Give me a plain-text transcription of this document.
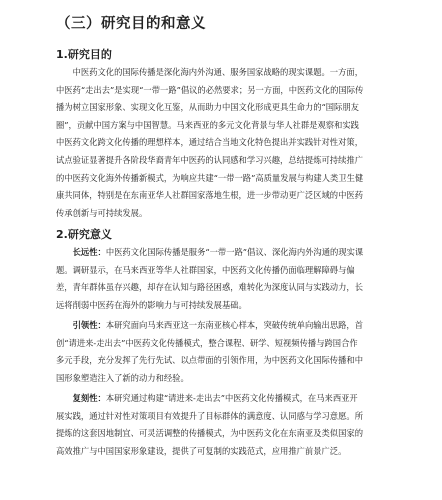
（三）研究目的和意义
1.研究目的
　　中医药文化的国际传播是深化海内外沟通、服务国家战略的现实课题。一方面，
中医药“走出去”是实现“一带一路”倡议的必然要求；另一方面，中医药文化的国际传
播为树立国家形象、实现文化互鉴，从而助力中国文化形成更具生命力的“国际朋友
圈”，贡献中国方案与中国智慧。马来西亚的多元文化背景与华人社群是观察和实践
中医药文化跨文化传播的理想样本，通过结合当地文化特色提出并实践针对性对策，
试点验证显著提升各阶段华裔青年中医药的认同感和学习兴趣，总结提炼可持续推广
的中医药文化海外传播新模式，为响应共建“一带一路”高质量发展与构建人类卫生健
康共同体，特别是在东南亚华人社群国家落地生根，进一步带动更广泛区域的中医药
传承创新与可持续发展。
2.研究意义
　　长远性：中医药文化国际传播是服务“一带一路”倡议、深化海内外沟通的现实课
题。调研显示，在马来西亚等华人社群国家，中医药文化传播仍面临理解障碍与偏
差，青年群体虽存兴趣，却存在认知与路径困惑，难转化为深度认同与实践动力，长
远将削弱中医药在海外的影响力与可持续发展基础。
　　引领性：本研究面向马来西亚这一东南亚核心样本，突破传统单向输出思路，首
创“请进来-走出去”中医药文化传播模式，整合课程、研学、短视频传播与跨国合作
多元手段，充分发挥了先行先试、以点带面的引领作用，为中医药文化国际传播和中
国形象塑造注入了新的动力和经验。
　　复刻性：本研究通过构建“请进来-走出去”中医药文化传播模式，在马来西亚开
展实践，通过针对性对策项目有效提升了目标群体的满意度、认同感与学习意愿。所
提炼的这套因地制宜、可灵活调整的传播模式，为中医药文化在东南亚及类似国家的
高效推广与中国国家形象建设，提供了可复制的实践范式，应用推广前景广泛。
